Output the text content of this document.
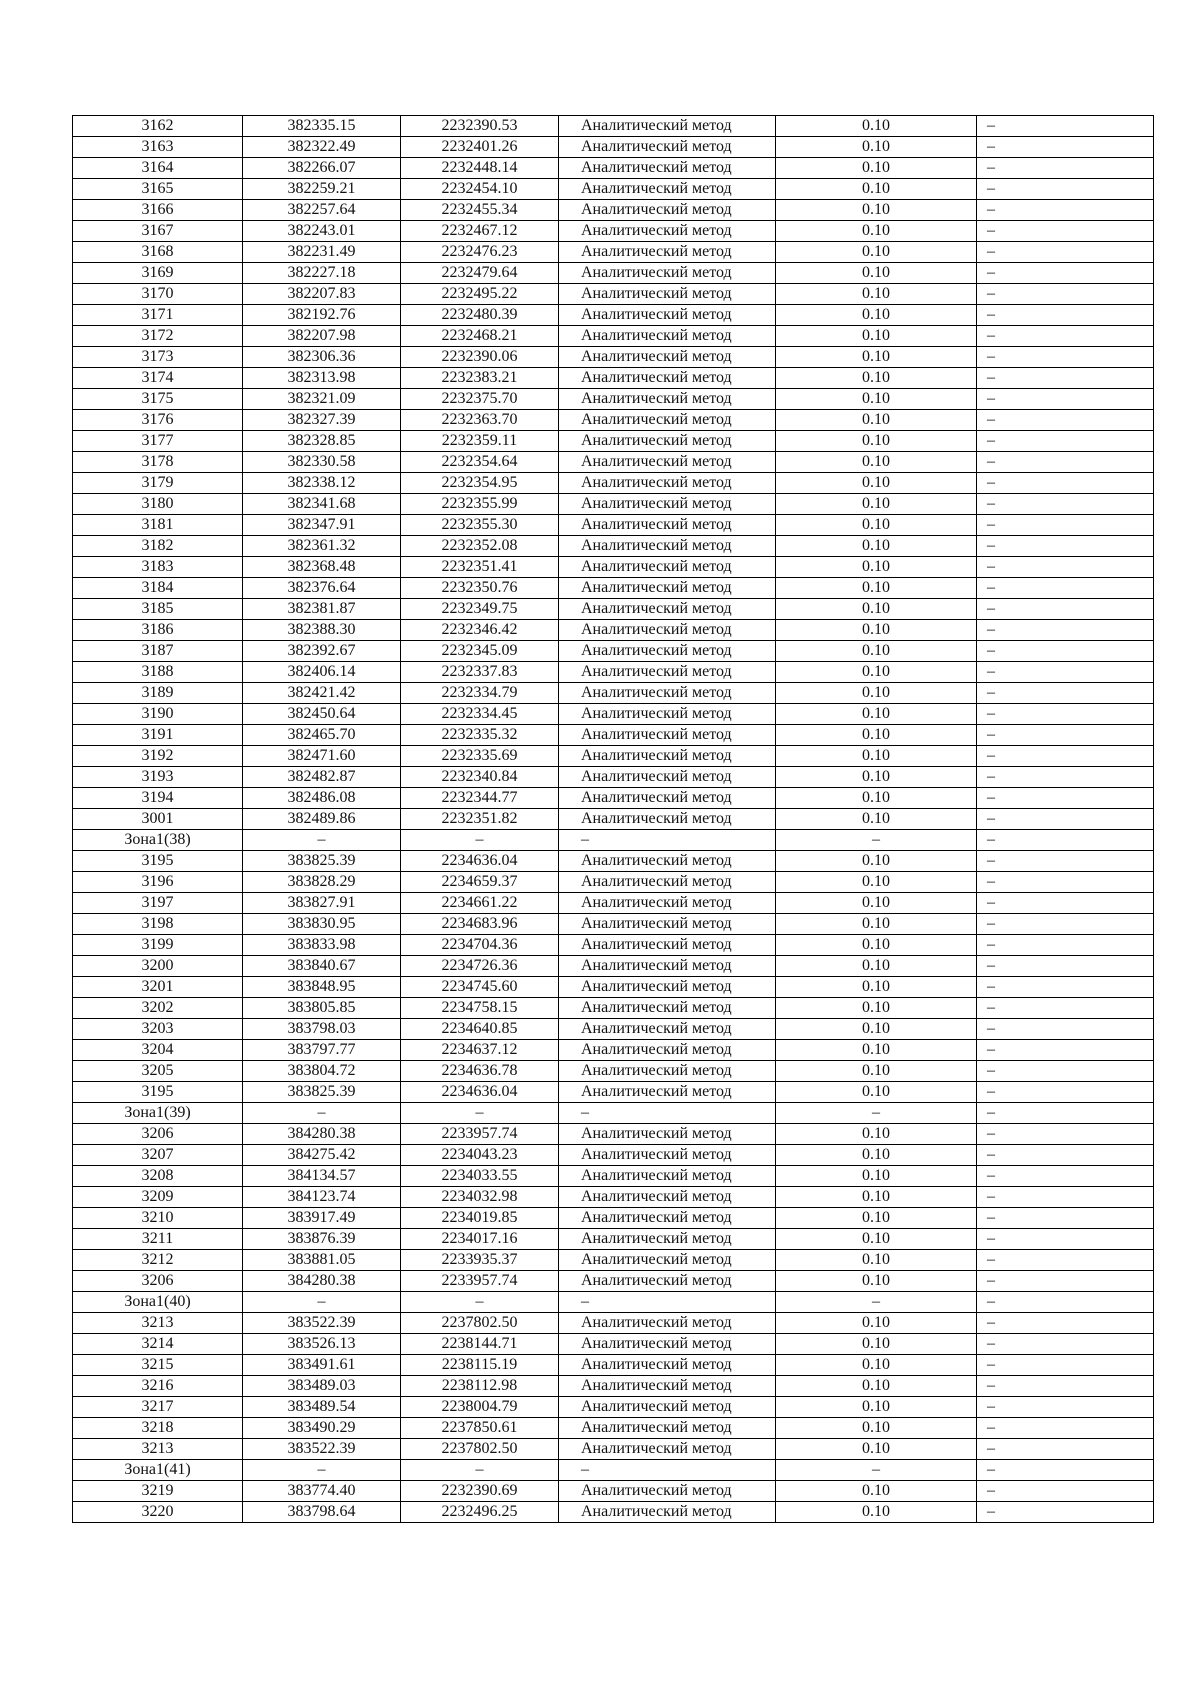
3162	382335.15	2232390.53	Аналитический метод	0.10	–
3163	382322.49	2232401.26	Аналитический метод	0.10	–
3164	382266.07	2232448.14	Аналитический метод	0.10	–
3165	382259.21	2232454.10	Аналитический метод	0.10	–
3166	382257.64	2232455.34	Аналитический метод	0.10	–
3167	382243.01	2232467.12	Аналитический метод	0.10	–
3168	382231.49	2232476.23	Аналитический метод	0.10	–
3169	382227.18	2232479.64	Аналитический метод	0.10	–
3170	382207.83	2232495.22	Аналитический метод	0.10	–
3171	382192.76	2232480.39	Аналитический метод	0.10	–
3172	382207.98	2232468.21	Аналитический метод	0.10	–
3173	382306.36	2232390.06	Аналитический метод	0.10	–
3174	382313.98	2232383.21	Аналитический метод	0.10	–
3175	382321.09	2232375.70	Аналитический метод	0.10	–
3176	382327.39	2232363.70	Аналитический метод	0.10	–
3177	382328.85	2232359.11	Аналитический метод	0.10	–
3178	382330.58	2232354.64	Аналитический метод	0.10	–
3179	382338.12	2232354.95	Аналитический метод	0.10	–
3180	382341.68	2232355.99	Аналитический метод	0.10	–
3181	382347.91	2232355.30	Аналитический метод	0.10	–
3182	382361.32	2232352.08	Аналитический метод	0.10	–
3183	382368.48	2232351.41	Аналитический метод	0.10	–
3184	382376.64	2232350.76	Аналитический метод	0.10	–
3185	382381.87	2232349.75	Аналитический метод	0.10	–
3186	382388.30	2232346.42	Аналитический метод	0.10	–
3187	382392.67	2232345.09	Аналитический метод	0.10	–
3188	382406.14	2232337.83	Аналитический метод	0.10	–
3189	382421.42	2232334.79	Аналитический метод	0.10	–
3190	382450.64	2232334.45	Аналитический метод	0.10	–
3191	382465.70	2232335.32	Аналитический метод	0.10	–
3192	382471.60	2232335.69	Аналитический метод	0.10	–
3193	382482.87	2232340.84	Аналитический метод	0.10	–
3194	382486.08	2232344.77	Аналитический метод	0.10	–
3001	382489.86	2232351.82	Аналитический метод	0.10	–
Зона1(38)	–	–	–	–	–
3195	383825.39	2234636.04	Аналитический метод	0.10	–
3196	383828.29	2234659.37	Аналитический метод	0.10	–
3197	383827.91	2234661.22	Аналитический метод	0.10	–
3198	383830.95	2234683.96	Аналитический метод	0.10	–
3199	383833.98	2234704.36	Аналитический метод	0.10	–
3200	383840.67	2234726.36	Аналитический метод	0.10	–
3201	383848.95	2234745.60	Аналитический метод	0.10	–
3202	383805.85	2234758.15	Аналитический метод	0.10	–
3203	383798.03	2234640.85	Аналитический метод	0.10	–
3204	383797.77	2234637.12	Аналитический метод	0.10	–
3205	383804.72	2234636.78	Аналитический метод	0.10	–
3195	383825.39	2234636.04	Аналитический метод	0.10	–
Зона1(39)	–	–	–	–	–
3206	384280.38	2233957.74	Аналитический метод	0.10	–
3207	384275.42	2234043.23	Аналитический метод	0.10	–
3208	384134.57	2234033.55	Аналитический метод	0.10	–
3209	384123.74	2234032.98	Аналитический метод	0.10	–
3210	383917.49	2234019.85	Аналитический метод	0.10	–
3211	383876.39	2234017.16	Аналитический метод	0.10	–
3212	383881.05	2233935.37	Аналитический метод	0.10	–
3206	384280.38	2233957.74	Аналитический метод	0.10	–
Зона1(40)	–	–	–	–	–
3213	383522.39	2237802.50	Аналитический метод	0.10	–
3214	383526.13	2238144.71	Аналитический метод	0.10	–
3215	383491.61	2238115.19	Аналитический метод	0.10	–
3216	383489.03	2238112.98	Аналитический метод	0.10	–
3217	383489.54	2238004.79	Аналитический метод	0.10	–
3218	383490.29	2237850.61	Аналитический метод	0.10	–
3213	383522.39	2237802.50	Аналитический метод	0.10	–
Зона1(41)	–	–	–	–	–
3219	383774.40	2232390.69	Аналитический метод	0.10	–
3220	383798.64	2232496.25	Аналитический метод	0.10	–
